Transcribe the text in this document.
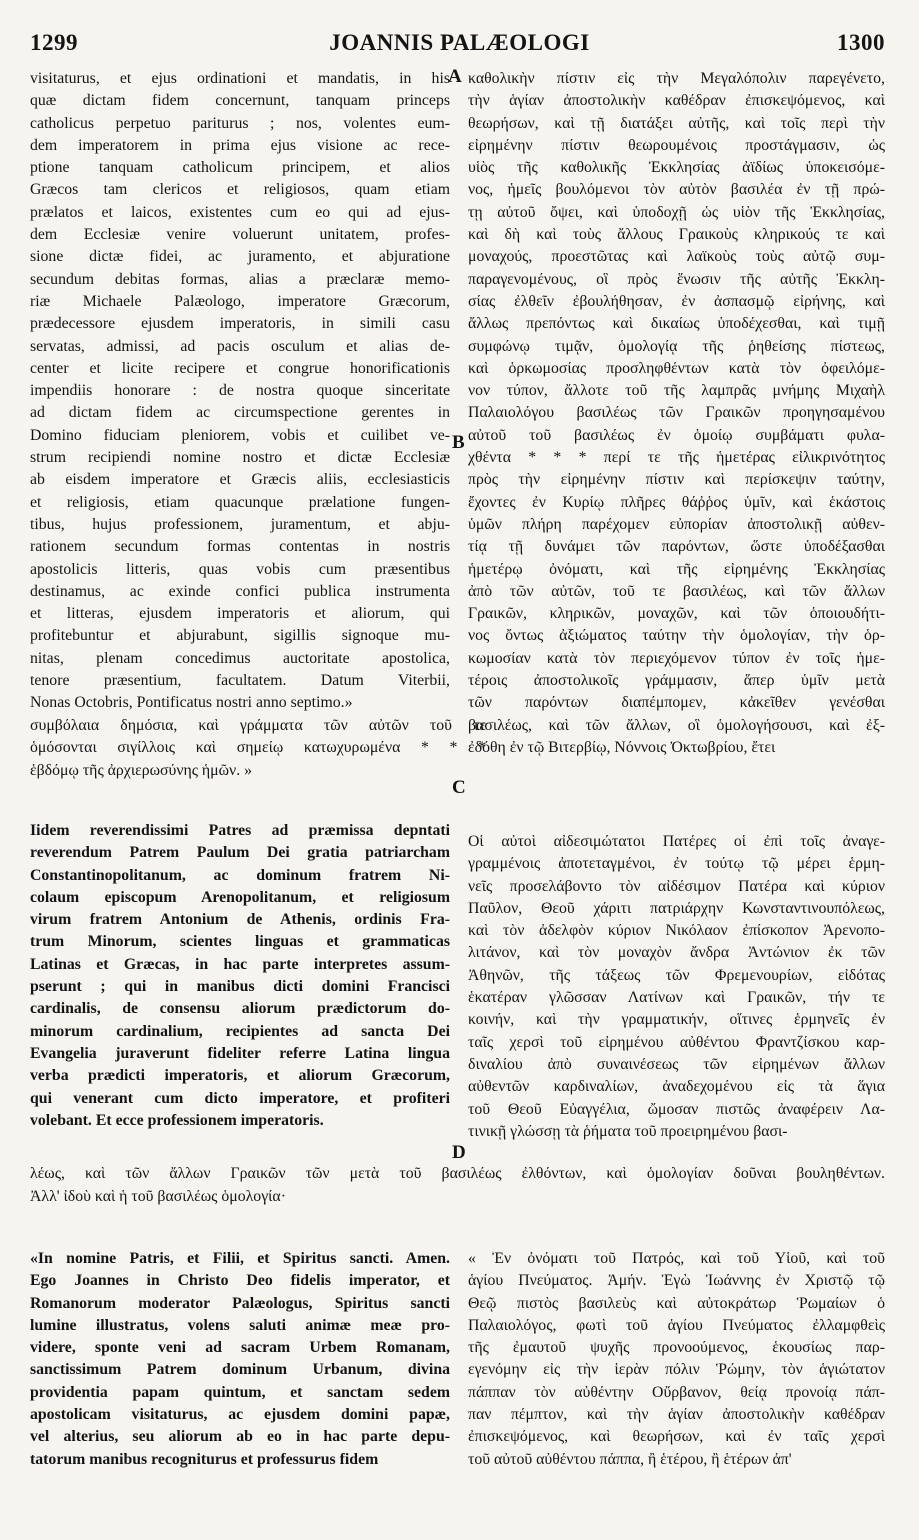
JOANNIS PALÆOLOGI
1299	1300
A
B
C
D
visitaturus, et ejus ordinationi et mandatis, in his
quæ dictam fidem concernunt, tanquam princeps
catholicus perpetuo pariturus ; nos, volentes eum-
dem imperatorem in prima ejus visione ac rece-
ptione tanquam catholicum principem, et alios
Græcos tam clericos et religiosos, quam etiam
prælatos et laicos, existentes cum eo qui ad ejus-
dem Ecclesiæ venire voluerunt unitatem, profes-
sione dictæ fidei, ac juramento, et abjuratione
secundum debitas formas, alias a præclaræ memo-
riæ Michaele Palæologo, imperatore Græcorum,
prædecessore ejusdem imperatoris, in simili casu
servatas, admissi, ad pacis osculum et alias de-
center et licite recipere et congrue honorificationis
impendiis honorare : de nostra quoque sinceritate
ad dictam fidem ac circumspectione gerentes in
Domino fiduciam pleniorem, vobis et cuilibet ve-
strum recipiendi nomine nostro et dictæ Ecclesiæ
ab eisdem imperatore et Græcis aliis, ecclesiasticis
et religiosis, etiam quacunque prælatione fungen-
tibus, hujus professionem, juramentum, et abju-
rationem secundum formas contentas in nostris
apostolicis litteris, quas vobis cum præsentibus
destinamus, ac exinde confici publica instrumenta
et litteras, ejusdem imperatoris et aliorum, qui
profitebuntur et abjurabunt, sigillis signoque mu-
nitas, plenam concedimus auctoritate apostolica,
tenore præsentium, facultatem. Datum Viterbii,
Nonas Octobris, Pontificatus nostri anno septimo.»
συμβόλαια δημόσια, καὶ γράμματα τῶν αὐτῶν τοῦ τε
ὁμόσονται σιγίλλοις καὶ σημείῳ κατωχυρωμένα * * *
ἑβδόμῳ τῆς ἀρχιερωσύνης ἡμῶν. »
καθολικὴν πίστιν εἰς τὴν Μεγαλόπολιν παρεγένετο,
τὴν ἁγίαν ἀποστολικὴν καθέδραν ἐπισκεψόμενος, καὶ
θεωρήσων, καὶ τῇ διατάξει αὐτῆς, καὶ τοῖς περὶ τὴν
εἰρημένην πίστιν θεωρουμένοις προστάγμασιν, ὡς
υἱὸς τῆς καθολικῆς Ἐκκλησίας ἀϊδίως ὑποκεισόμε-
νος, ἡμεῖς βουλόμενοι τὸν αὐτὸν βασιλέα ἐν τῇ πρώ-
τῃ αὐτοῦ ὄψει, καὶ ὑποδοχῇ ὡς υἱὸν τῆς Ἐκκλησίας,
καὶ δὴ καὶ τοὺς ἄλλους Γραικοὺς κληρικούς τε καὶ
μοναχούς, προεστῶτας καὶ λαϊκοὺς τοὺς αὐτῷ συμ-
παραγενομένους, οἳ πρὸς ἕνωσιν τῆς αὐτῆς Ἐκκλη-
σίας ἐλθεῖν ἐβουλήθησαν, ἐν ἀσπασμῷ εἰρήνης, καὶ
ἄλλως πρεπόντως καὶ δικαίως ὑποδέχεσθαι, καὶ τιμῇ
συμφώνῳ τιμᾷν, ὁμολογίᾳ τῆς ῥηθείσης πίστεως,
καὶ ὁρκωμοσίας προσληφθέντων κατὰ τὸν ὀφειλόμε-
νον τύπον, ἄλλοτε τοῦ τῆς λαμπρᾶς μνήμης Μιχαὴλ
Παλαιολόγου βασιλέως τῶν Γραικῶν προηγησαμένου
αὐτοῦ τοῦ βασιλέως ἐν ὁμοίῳ συμβάματι φυλα-
χθέντα * * * περί τε τῆς ἡμετέρας εἰλικρινότητος
πρὸς τὴν εἰρημένην πίστιν καὶ περίσκεψιν ταύτην,
ἔχοντες ἐν Κυρίῳ πλῆρες θάῤῥος ὑμῖν, καὶ ἑκάστοις
ὑμῶν πλήρη παρέχομεν εὐπορίαν ἀποστολικῇ αὐθεν-
τίᾳ τῇ δυνάμει τῶν παρόντων, ὥστε ὑποδέξασθαι
ἡμετέρῳ ὀνόματι, καὶ τῆς εἰρημένης Ἐκκλησίας
ἀπὸ τῶν αὐτῶν, τοῦ τε βασιλέως, καὶ τῶν ἄλλων
Γραικῶν, κληρικῶν, μοναχῶν, καὶ τῶν ὁποιουδήτι-
νος ὄντως ἀξιώματος ταύτην τὴν ὁμολογίαν, τὴν ὁρ-
κωμοσίαν κατὰ τὸν περιεχόμενον τύπον ἐν τοῖς ἡμε-
τέροις ἀποστολικοῖς γράμμασιν, ἅπερ ὑμῖν μετὰ
τῶν παρόντων διαπέμπομεν, κἀκεῖθεν γενέσθαι
βασιλέως, καὶ τῶν ἄλλων, οἳ ὁμολογήσουσι, καὶ ἐξ-
ἐδόθη ἐν τῷ Βιτερβίῳ, Νόννοις Ὀκτωβρίου, ἔτει
Iidem reverendissimi Patres ad præmissa depntati
reverendum Patrem Paulum Dei gratia patriarcham
Constantinopolitanum, ac dominum fratrem Ni-
colaum episcopum Arenopolitanum, et religiosum
virum fratrem Antonium de Athenis, ordinis Fra-
trum Minorum, scientes linguas et grammaticas
Latinas et Græcas, in hac parte interpretes assum-
pserunt ; qui in manibus dicti domini Francisci
cardinalis, de consensu aliorum prædictorum do-
minorum cardinalium, recipientes ad sancta Dei
Evangelia juraverunt fideliter referre Latina lingua
verba prædicti imperatoris, et aliorum Græcorum,
qui venerant cum dicto imperatore, et profiteri
volebant. Et ecce professionem imperatoris.
Οἱ αὐτοὶ αἰδεσιμώτατοι Πατέρες οἱ ἐπὶ τοῖς ἀναγε-
γραμμένοις ἀποτεταγμένοι, ἐν τούτῳ τῷ μέρει ἑρμη-
νεῖς προσελάβοντο τὸν αἰδέσιμον Πατέρα καὶ κύριον
Παῦλον, Θεοῦ χάριτι πατριάρχην Κωνσταντινουπόλεως,
καὶ τὸν ἀδελφὸν κύριον Νικόλαον ἐπίσκοπον Ἀρενοπο-
λιτάνον, καὶ τὸν μοναχὸν ἄνδρα Ἀντώνιον ἐκ τῶν
Ἀθηνῶν, τῆς τάξεως τῶν Φρεμενουρίων, εἰδότας
ἑκατέραν γλῶσσαν Λατίνων καὶ Γραικῶν, τήν τε
κοινήν, καὶ τὴν γραμματικήν, οἵτινες ἑρμηνεῖς ἐν
ταῖς χερσὶ τοῦ εἰρημένου αὐθέντου Φραντζίσκου καρ-
διναλίου ἀπὸ συναινέσεως τῶν εἰρημένων ἄλλων
αὐθεντῶν καρδιναλίων, ἀναδεχομένου εἰς τὰ ἅγια
τοῦ Θεοῦ Εὐαγγέλια, ὤμοσαν πιστῶς ἀναφέρειν Λα-
τινικῇ γλώσσῃ τὰ ῥήματα τοῦ προειρημένου βασι-
λέως, καὶ τῶν ἄλλων Γραικῶν τῶν μετὰ τοῦ βασιλέως ἐλθόντων, καὶ ὁμολογίαν δοῦναι βουληθέντων.
Ἀλλ' ἰδοὺ καὶ ἡ τοῦ βασιλέως ὁμολογία·
«In nomine Patris, et Filii, et Spiritus sancti. Amen.
Ego Joannes in Christo Deo fidelis imperator, et
Romanorum moderator Palæologus, Spiritus sancti
lumine illustratus, volens saluti animæ meæ pro-
videre, sponte veni ad sacram Urbem Romanam,
sanctissimum Patrem dominum Urbanum, divina
providentia papam quintum, et sanctam sedem
apostolicam visitaturus, ac ejusdem domini papæ,
vel alterius, seu aliorum ab eo in hac parte depu-
tatorum manibus recogniturus et professurus fidem
« Ἐν ὀνόματι τοῦ Πατρός, καὶ τοῦ Υἱοῦ, καὶ τοῦ
ἁγίου Πνεύματος. Ἀμήν. Ἐγὼ Ἰωάννης ἐν Χριστῷ τῷ
Θεῷ πιστὸς βασιλεὺς καὶ αὐτοκράτωρ Ῥωμαίων ὁ
Παλαιολόγος, φωτὶ τοῦ ἁγίου Πνεύματος ἐλλαμφθεὶς
τῆς ἐμαυτοῦ ψυχῆς προνοούμενος, ἑκουσίως παρ-
εγενόμην εἰς τὴν ἱερὰν πόλιν Ῥώμην, τὸν ἁγιώτατον
πάππαν τὸν αὐθέντην Οὔρβανον, θείᾳ προνοίᾳ πάπ-
παν πέμπτον, καὶ τὴν ἁγίαν ἀποστολικὴν καθέδραν
ἐπισκεψόμενος, καὶ θεωρήσων, καὶ ἐν ταῖς χερσὶ
τοῦ αὐτοῦ αὐθέντου πάππα, ἢ ἑτέρου, ἢ ἑτέρων ἀπ'
